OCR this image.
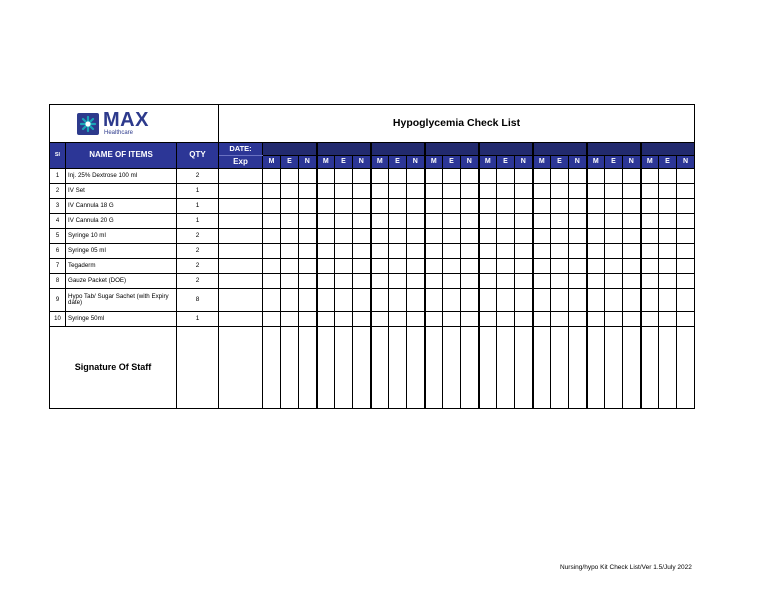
MAX
Healthcare			Hypoglycemia Check List																								
Sl	NAME OF ITEMS	QTY	DATE:																								
			Exp	M	E	N	M	E	N	M	E	N	M	E	N	M	E	N	M	E	N	M	E	N	M	E	N
1	Inj. 25% Dextrose 100 ml	2																									
2	IV Set	1																									
3	IV Cannula 18 G	1																									
4	IV Cannula 20 G	1																									
5	Syringe 10 ml	2																									
6	Syringe 05 ml	2																									
7	Tegaderm	2																									
8	Gauze Packet (DOE)	2																									
9	Hypo Tab/ Sugar Sachet (with Expiry date)	8																									
10	Syringe 50ml	1																									
Signature Of Staff																											
Nursing/hypo Kit Check List/Ver 1.5/July 2022
